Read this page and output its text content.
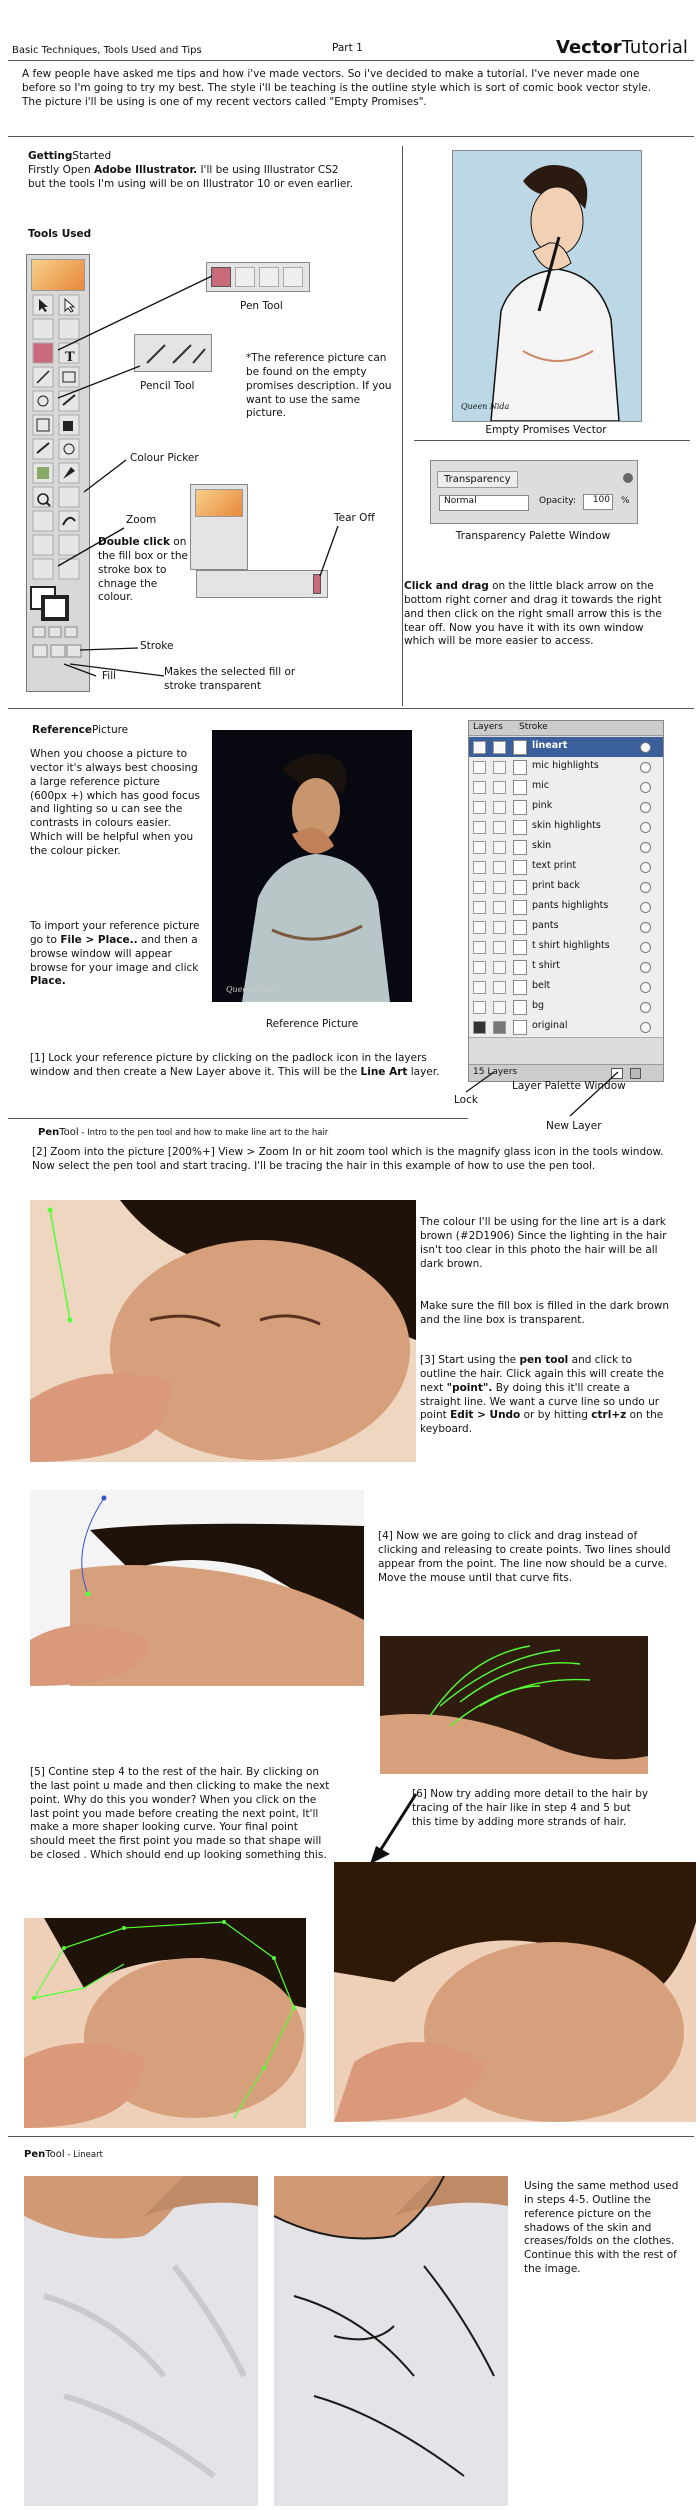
Basic Techniques, Tools Used and Tips	Part 1	VectorTutorial

A few people have asked me tips and how i've made vectors. So i've decided to make a tutorial. I've never made one before so I'm going to try my best. The style i'll be teaching is the outline style which is sort of comic book vector style. The picture i'll be using is one of my recent vectors called "Empty Promises".

GettingStarted

Firstly Open Adobe Illustrator. I'll be using Illustrator CS2

but the tools I'm using will be on Illustrator 10 or even earlier.

Tools Used
T
Pen Tool
Pencil Tool

*The reference picture can be found on the empty promises description. If you want to use the same picture.

Colour Picker
Zoom	Tear Off

Double click on the fill box or the stroke box to chnage the colour.

Stroke
Fill	Makes the selected fill or stroke transparent

Queen Nida
Empty Promises Vector
Transparency
Normal	Opacity:	100	%
Transparency Palette Window

Click and drag on the little black arrow on the bottom right corner and drag it towards the right and then click on the right small arrow this is the tear off. Now you have it with its own window which will be more easier to access.

ReferencePicture

When you choose a picture to vector it's always best choosing a large reference picture (600px +) which has good focus and lighting so u can see the contrasts in colours easier. Which will be helpful when you the colour picker.

To import your reference picture go to File > Place.. and then a browse window will appear browse for your image and click Place.

Queen Nida
Reference Picture
Layers Stroke
lineart
mic highlights
mic
pink
skin highlights
skin
text print
print back
pants highlights
pants
t shirt highlights
t shirt
belt
bg
original
15 Layers
Lock
Layer Palette Window
New Layer

[1] Lock your reference picture by clicking on the padlock icon in the layers window and then create a New Layer above it. This will be the Line Art layer.

PenTool - Intro to the pen tool and how to make line art to the hair

[2] Zoom into the picture [200%+] View > Zoom In or hit zoom tool which is the magnify glass icon in the tools window. Now select the pen tool and start tracing. I'll be tracing the hair in this example of how to use the pen tool.

The colour I'll be using for the line art is a dark brown (#2D1906) Since the lighting in the hair isn't too clear in this photo the hair will be all dark brown.

Make sure the fill box is filled in the dark brown and the line box is transparent.

[3] Start using the pen tool and click to outline the hair. Click again this will create the next "point". By doing this it'll create a straight line. We want a curve line so undo ur point Edit > Undo or by hitting ctrl+z on the keyboard.

[4] Now we are going to click and drag instead of clicking and releasing to create points. Two lines should appear from the point. The line now should be a curve. Move the mouse until that curve fits.

[5] Contine step 4 to the rest of the hair. By clicking on the last point u made and then clicking to make the next point. Why do this you wonder? When you click on the last point you made before creating the next point, It'll make a more shaper looking curve. Your final point should meet the first point you made so that shape will be closed . Which should end up looking something this.

[6] Now try adding more detail to the hair by tracing of the hair like in step 4 and 5 but this time by adding more strands of hair.

PenTool - Lineart

Using the same method used in steps 4-5. Outline the reference picture on the shadows of the skin and creases/folds on the clothes. Continue this with the rest of the image.
